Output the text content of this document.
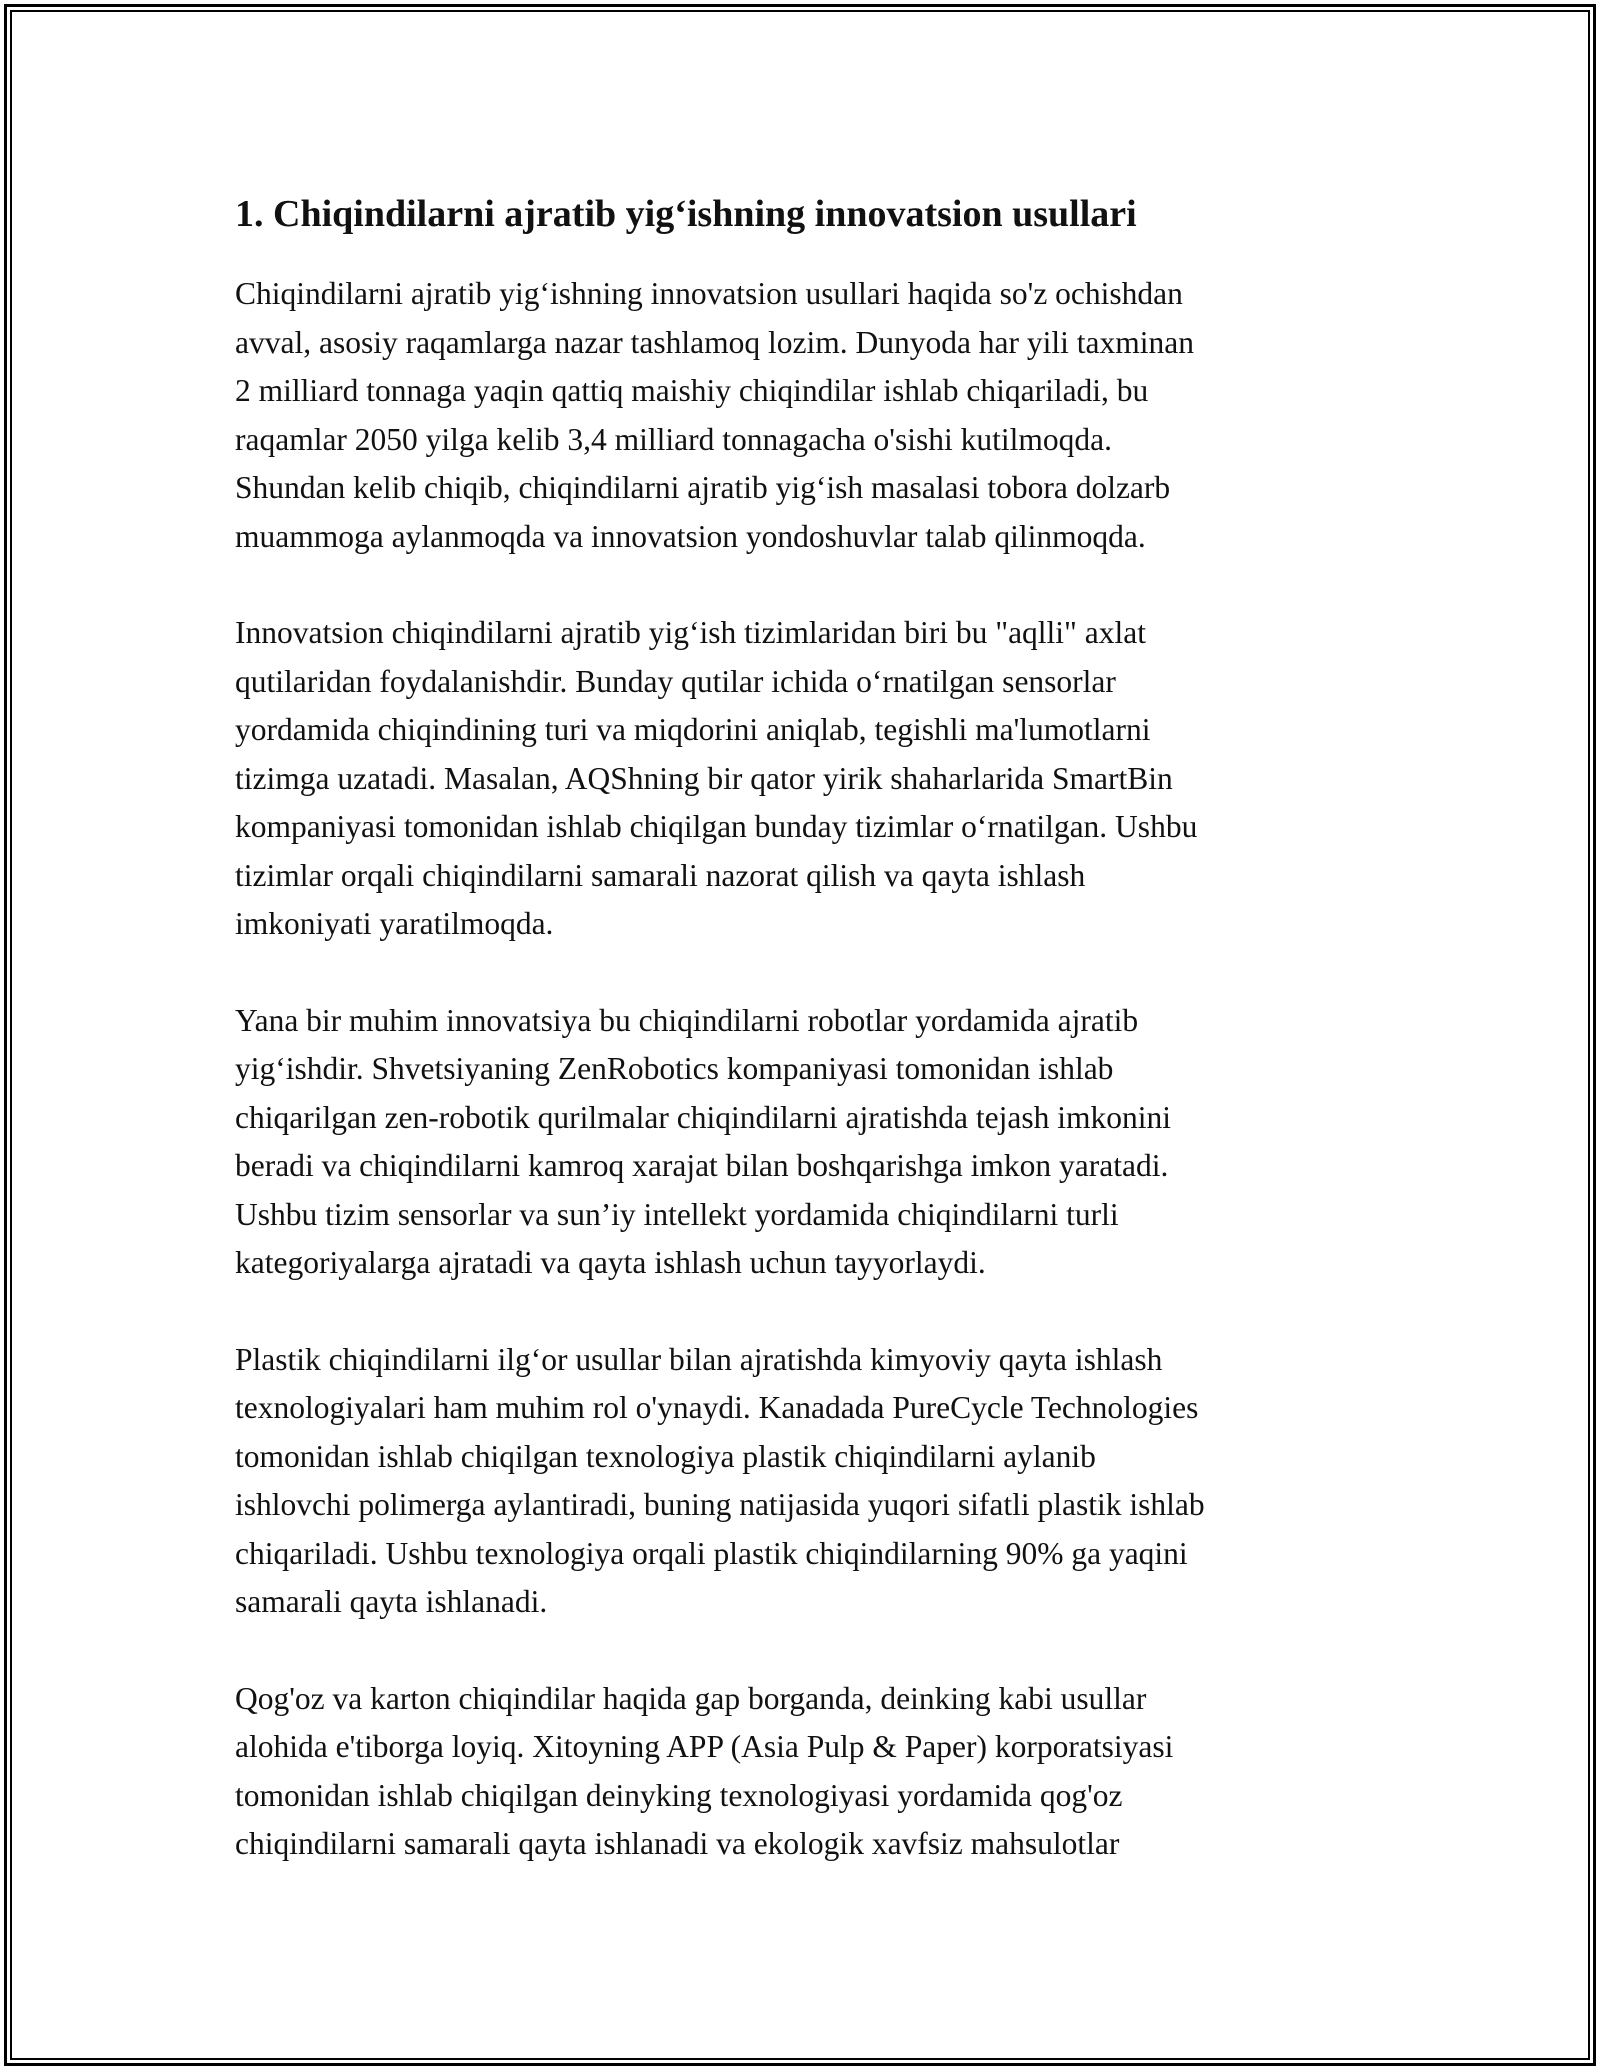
1. Chiqindilarni ajratib yig‘ishning innovatsion usullari

Chiqindilarni ajratib yig‘ishning innovatsion usullari haqida so'z ochishdan
avval, asosiy raqamlarga nazar tashlamoq lozim. Dunyoda har yili taxminan
2 milliard tonnaga yaqin qattiq maishiy chiqindilar ishlab chiqariladi, bu
raqamlar 2050 yilga kelib 3,4 milliard tonnagacha o'sishi kutilmoqda.
Shundan kelib chiqib, chiqindilarni ajratib yig‘ish masalasi tobora dolzarb
muammoga aylanmoqda va innovatsion yondoshuvlar talab qilinmoqda.

Innovatsion chiqindilarni ajratib yig‘ish tizimlaridan biri bu "aqlli" axlat
qutilaridan foydalanishdir. Bunday qutilar ichida o‘rnatilgan sensorlar
yordamida chiqindining turi va miqdorini aniqlab, tegishli ma'lumotlarni
tizimga uzatadi. Masalan, AQShning bir qator yirik shaharlarida SmartBin
kompaniyasi tomonidan ishlab chiqilgan bunday tizimlar o‘rnatilgan. Ushbu
tizimlar orqali chiqindilarni samarali nazorat qilish va qayta ishlash
imkoniyati yaratilmoqda.

Yana bir muhim innovatsiya bu chiqindilarni robotlar yordamida ajratib
yig‘ishdir. Shvetsiyaning ZenRobotics kompaniyasi tomonidan ishlab
chiqarilgan zen-robotik qurilmalar chiqindilarni ajratishda tejash imkonini
beradi va chiqindilarni kamroq xarajat bilan boshqarishga imkon yaratadi.
Ushbu tizim sensorlar va sun’iy intellekt yordamida chiqindilarni turli
kategoriyalarga ajratadi va qayta ishlash uchun tayyorlaydi.

Plastik chiqindilarni ilg‘or usullar bilan ajratishda kimyoviy qayta ishlash
texnologiyalari ham muhim rol o'ynaydi. Kanadada PureCycle Technologies
tomonidan ishlab chiqilgan texnologiya plastik chiqindilarni aylanib
ishlovchi polimerga aylantiradi, buning natijasida yuqori sifatli plastik ishlab
chiqariladi. Ushbu texnologiya orqali plastik chiqindilarning 90% ga yaqini
samarali qayta ishlanadi.

Qog'oz va karton chiqindilar haqida gap borganda, deinking kabi usullar
alohida e'tiborga loyiq. Xitoyning APP (Asia Pulp & Paper) korporatsiyasi
tomonidan ishlab chiqilgan deinyking texnologiyasi yordamida qog'oz
chiqindilarni samarali qayta ishlanadi va ekologik xavfsiz mahsulotlar
